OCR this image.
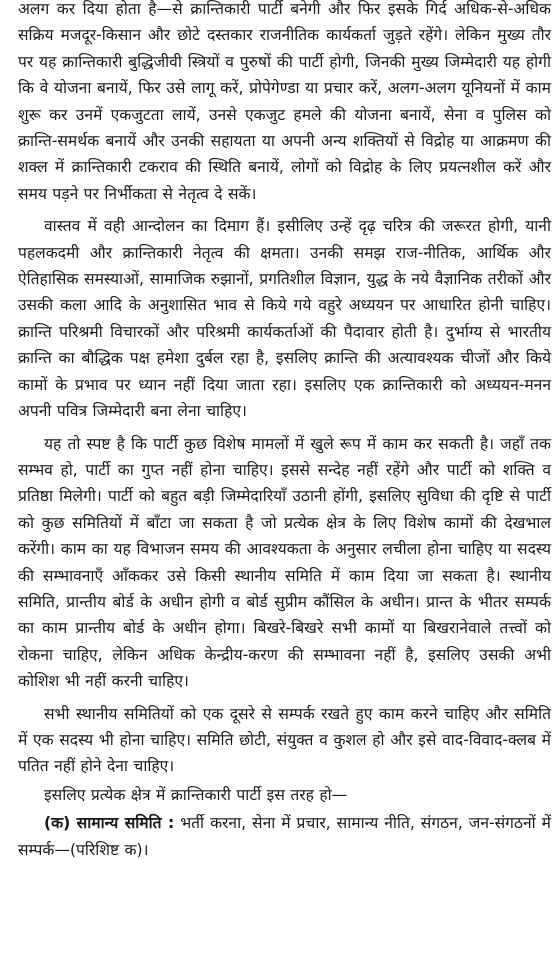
अलग कर दिया होता है—से क्रान्तिकारी पार्टी बनेगी और फिर इसके गिर्द अधिक-से-अधिक सक्रिय मजदूर-किसान और छोटे दस्तकार राजनीतिक कार्यकर्ता जुड़ते रहेंगे। लेकिन मुख्य तौर पर यह क्रान्तिकारी बुद्धिजीवी स्त्रियों व पुरुषों की पार्टी होगी, जिनकी मुख्य जिम्मेदारी यह होगी कि वे योजना बनायें, फिर उसे लागू करें, प्रोपेगेण्डा या प्रचार करें, अलग-अलग यूनियनों में काम शुरू कर उनमें एकजुटता लायें, उनसे एकजुट हमले की योजना बनायें, सेना व पुलिस को क्रान्ति-समर्थक बनायें और उनकी सहायता या अपनी अन्य शक्तियों से विद्रोह या आक्रमण की शक्ल में क्रान्तिकारी टकराव की स्थिति बनायें, लोगों को विद्रोह के लिए प्रयत्नशील करें और समय पड़ने पर निर्भीकता से नेतृत्व दे सकें।

वास्तव में वही आन्दोलन का दिमाग हैं। इसीलिए उन्हें दृढ़ चरित्र की जरूरत होगी, यानी पहलकदमी और क्रान्तिकारी नेतृत्व की क्षमता। उनकी समझ राज-नीतिक, आर्थिक और ऐतिहासिक समस्याओं, सामाजिक रुझानों, प्रगतिशील विज्ञान, युद्ध के नये वैज्ञानिक तरीकों और उसकी कला आदि के अनुशासित भाव से किये गये वहुरे अध्ययन पर आधारित होनी चाहिए। क्रान्ति परिश्रमी विचारकों और परिश्रमी कार्यकर्ताओं की पैदावार होती है। दुर्भाग्य से भारतीय क्रान्ति का बौद्धिक पक्ष हमेशा दुर्बल रहा है, इसलिए क्रान्ति की अत्यावश्यक चीजों और किये कामों के प्रभाव पर ध्यान नहीं दिया जाता रहा। इसलिए एक क्रान्तिकारी को अध्ययन-मनन अपनी पवित्र जिम्मेदारी बना लेना चाहिए।

यह तो स्पष्ट है कि पार्टी कुछ विशेष मामलों में खुले रूप में काम कर सकती है। जहाँ तक सम्भव हो, पार्टी का गुप्त नहीं होना चाहिए। इससे सन्देह नहीं रहेंगे और पार्टी को शक्ति व प्रतिष्ठा मिलेगी। पार्टी को बहुत बड़ी जिम्मेदारियाँ उठानी होंगी, इसलिए सुविधा की दृष्टि से पार्टी को कुछ समितियों में बाँटा जा सकता है जो प्रत्येक क्षेत्र के लिए विशेष कामों की देखभाल करेंगी। काम का यह विभाजन समय की आवश्यकता के अनुसार लचीला होना चाहिए या सदस्य की सम्भावनाएँ आँककर उसे किसी स्थानीय समिति में काम दिया जा सकता है। स्थानीय समिति, प्रान्तीय बोर्ड के अधीन होगी व बोर्ड सुप्रीम कौंसिल के अधीन। प्रान्त के भीतर सम्पर्क का काम प्रान्तीय बोर्ड के अधीन होगा। बिखरे-बिखरे सभी कामों या बिखरानेवाले तत्त्वों को रोकना चाहिए, लेकिन अधिक केन्द्रीय-करण की सम्भावना नहीं है, इसलिए उसकी अभी कोशिश भी नहीं करनी चाहिए।

सभी स्थानीय समितियों को एक दूसरे से सम्पर्क रखते हुए काम करने चाहिए और समिति में एक सदस्य भी होना चाहिए। समिति छोटी, संयुक्त व कुशल हो और इसे वाद-विवाद-क्लब में पतित नहीं होने देना चाहिए।

इसलिए प्रत्येक क्षेत्र में क्रान्तिकारी पार्टी इस तरह हो—

(क) सामान्य समिति : भर्ती करना, सेना में प्रचार, सामान्य नीति, संगठन, जन-संगठनों में सम्पर्क—(परिशिष्ट क)।
